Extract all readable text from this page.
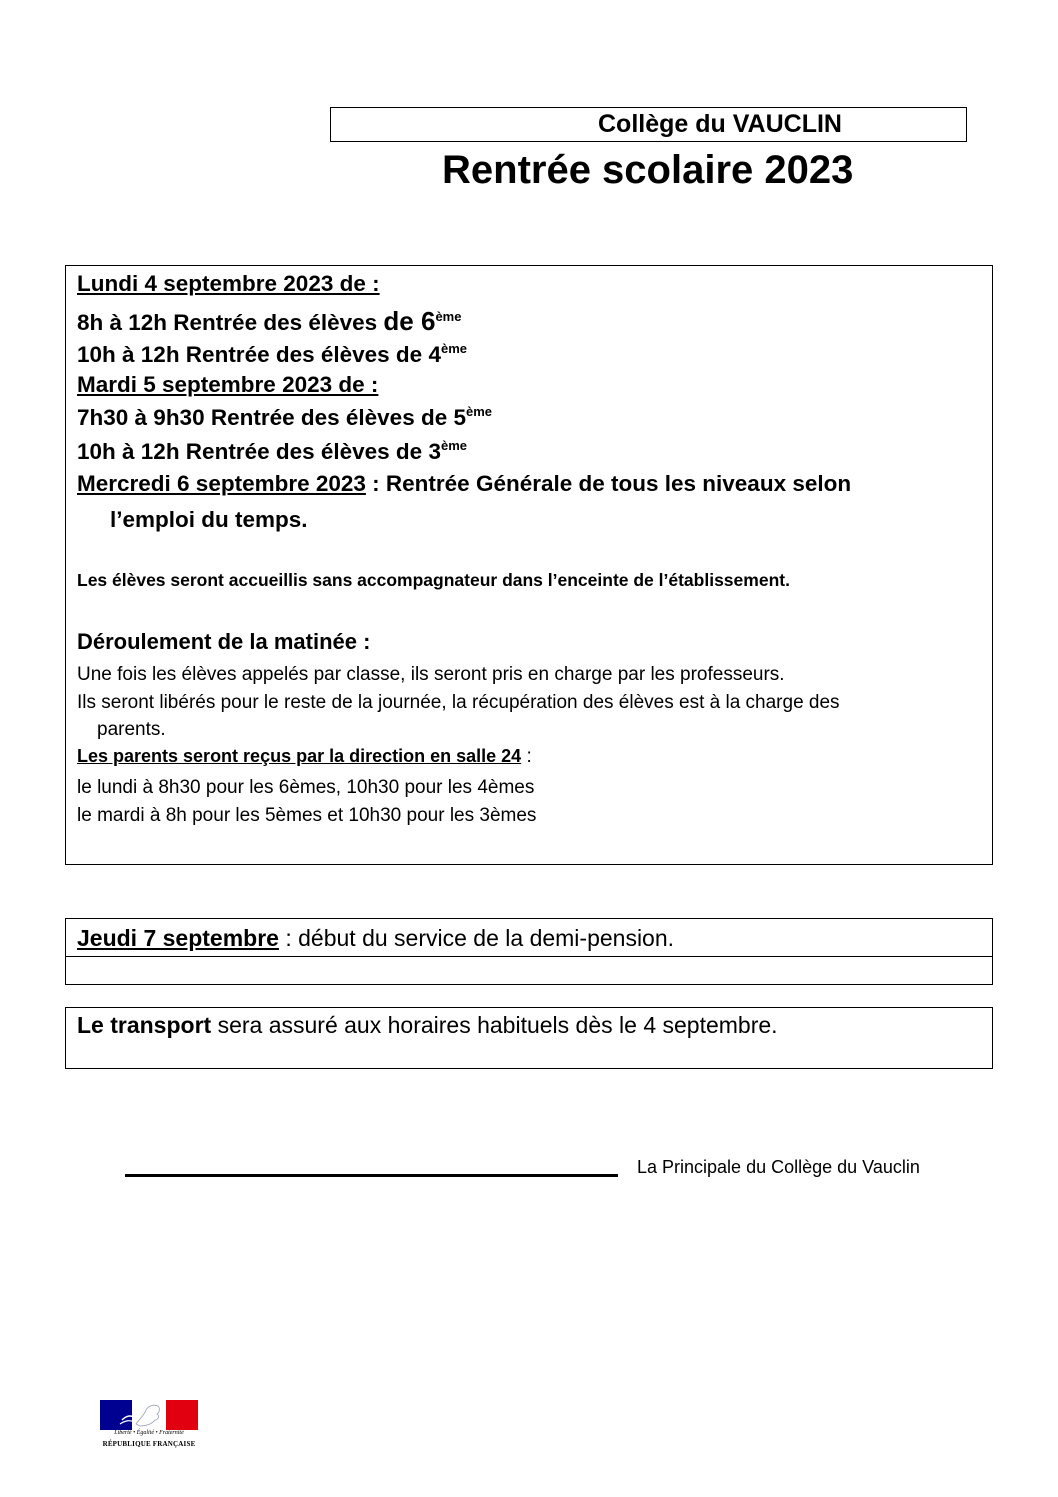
Collège du VAUCLIN
Rentrée scolaire 2023
Lundi 4 septembre 2023 de :
8h à 12h Rentrée des élèves de 6ème
10h à 12h Rentrée des élèves de 4ème
Mardi 5 septembre 2023 de :
7h30 à 9h30 Rentrée des élèves de 5ème
10h à 12h Rentrée des élèves de 3ème
Mercredi 6 septembre 2023 : Rentrée Générale de tous les niveaux selon
l’emploi du temps.
Les élèves seront accueillis sans accompagnateur dans l’enceinte de l’établissement.
Déroulement de la matinée :
Une fois les élèves appelés par classe, ils seront pris en charge par les professeurs.
Ils seront libérés pour le reste de la journée, la récupération des élèves est à la charge des
parents.
Les parents seront reçus par la direction en salle 24 :
le lundi à 8h30 pour les 6èmes, 10h30 pour les 4èmes
le mardi à 8h pour les 5èmes et 10h30 pour les 3èmes
Jeudi 7 septembre : début du service de la demi-pension.
Le transport sera assuré aux horaires habituels dès le 4 septembre.
La Principale du Collège du Vauclin
Liberté • Égalité • Fraternité
RÉPUBLIQUE FRANÇAISE
